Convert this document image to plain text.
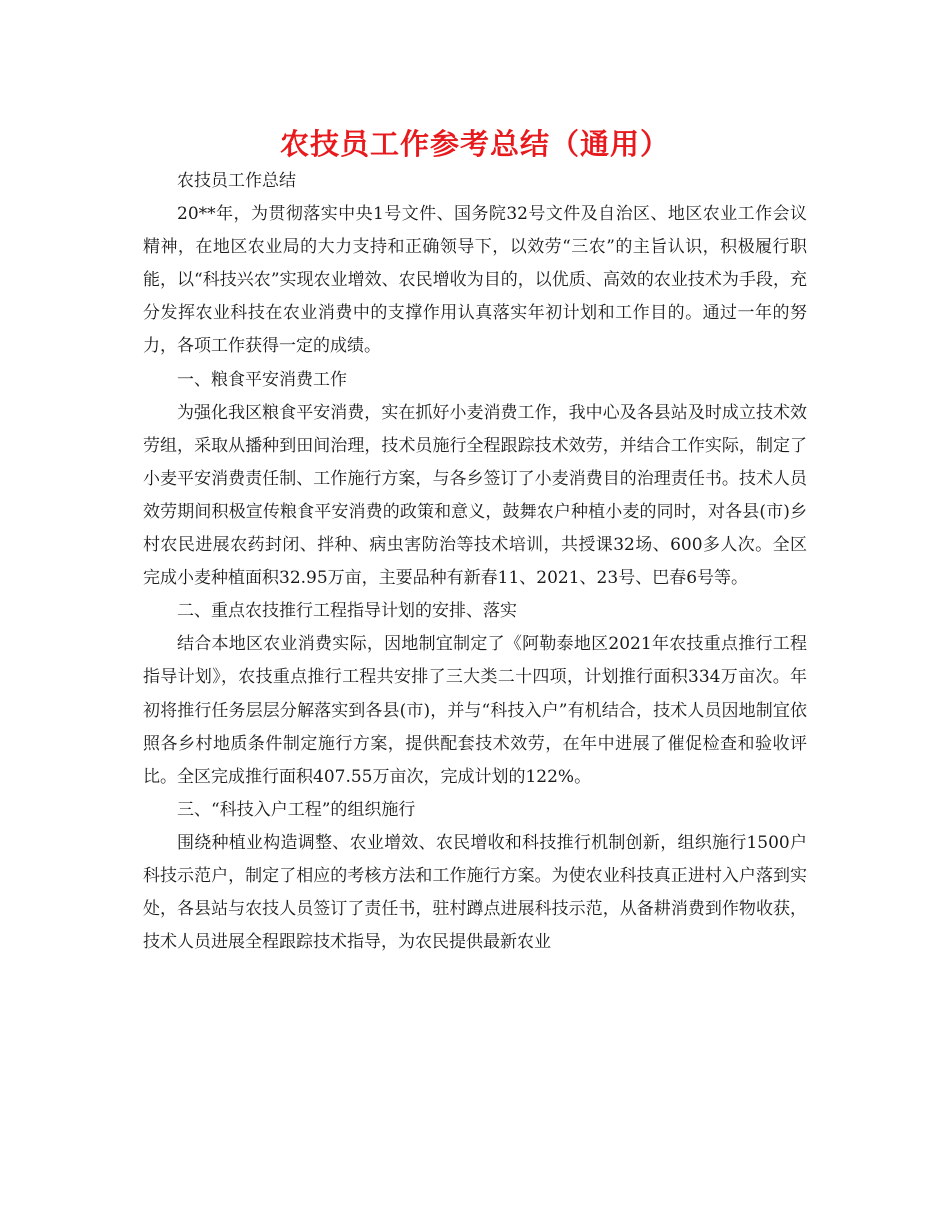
农技员工作参考总结（通用）

农技员工作总结

20**年，为贯彻落实中央1号文件、国务院32号文件及自治区、地区农业工作会议精神，在地区农业局的大力支持和正确领导下，以效劳“三农”的主旨认识，积极履行职能，以“科技兴农”实现农业增效、农民增收为目的，以优质、高效的农业技术为手段，充分发挥农业科技在农业消费中的支撑作用认真落实年初计划和工作目的。通过一年的努力，各项工作获得一定的成绩。

一、粮食平安消费工作

为强化我区粮食平安消费，实在抓好小麦消费工作，我中心及各县站及时成立技术效劳组，采取从播种到田间治理，技术员施行全程跟踪技术效劳，并结合工作实际，制定了小麦平安消费责任制、工作施行方案，与各乡签订了小麦消费目的治理责任书。技术人员效劳期间积极宣传粮食平安消费的政策和意义，鼓舞农户种植小麦的同时，对各县(市)乡村农民进展农药封闭、拌种、病虫害防治等技术培训，共授课32场、600多人次。全区完成小麦种植面积32.95万亩，主要品种有新春11、2021、23号、巴春6号等。

二、重点农技推行工程指导计划的安排、落实

结合本地区农业消费实际，因地制宜制定了《阿勒泰地区2021年农技重点推行工程指导计划》，农技重点推行工程共安排了三大类二十四项，计划推行面积334万亩次。年初将推行任务层层分解落实到各县(市)，并与“科技入户”有机结合，技术人员因地制宜依照各乡村地质条件制定施行方案，提供配套技术效劳，在年中进展了催促检查和验收评比。全区完成推行面积407.55万亩次，完成计划的122%。

三、“科技入户工程”的组织施行

围绕种植业构造调整、农业增效、农民增收和科技推行机制创新，组织施行1500户科技示范户，制定了相应的考核方法和工作施行方案。为使农业科技真正进村入户落到实处，各县站与农技人员签订了责任书，驻村蹲点进展科技示范，从备耕消费到作物收获，技术人员进展全程跟踪技术指导，为农民提供最新农业
